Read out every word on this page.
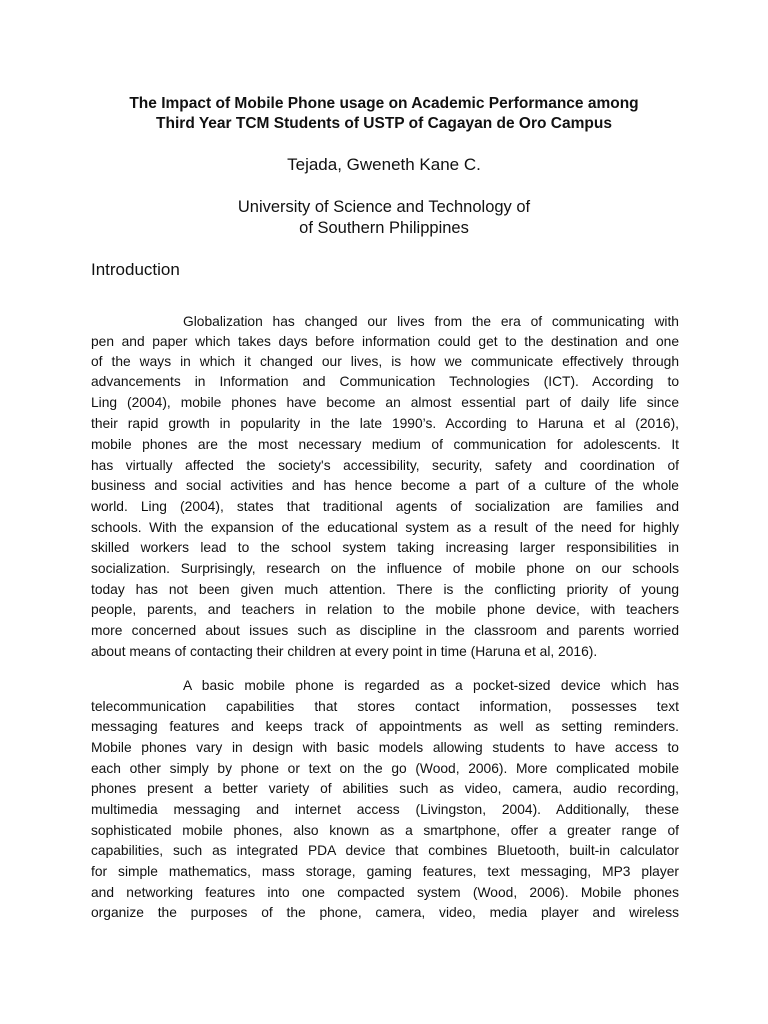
The Impact of Mobile Phone usage on Academic Performance among
Third Year TCM Students of USTP of Cagayan de Oro Campus
Tejada, Gweneth Kane C.
University of Science and Technology of
of Southern Philippines
Introduction
Globalization has changed our lives from the era of communicating with
pen and paper which takes days before information could get to the destination and one
of the ways in which it changed our lives, is how we communicate effectively through
advancements in Information and Communication Technologies (ICT). According to
Ling (2004), mobile phones have become an almost essential part of daily life since
their rapid growth in popularity in the late 1990’s. According to Haruna et al (2016),
mobile phones are the most necessary medium of communication for adolescents. It
has virtually affected the society's accessibility, security, safety and coordination of
business and social activities and has hence become a part of a culture of the whole
world. Ling (2004), states that traditional agents of socialization are families and
schools. With the expansion of the educational system as a result of the need for highly
skilled workers lead to the school system taking increasing larger responsibilities in
socialization. Surprisingly, research on the influence of mobile phone on our schools
today has not been given much attention. There is the conflicting priority of young
people, parents, and teachers in relation to the mobile phone device, with teachers
more concerned about issues such as discipline in the classroom and parents worried
about means of contacting their children at every point in time (Haruna et al, 2016).
A basic mobile phone is regarded as a pocket-sized device which has
telecommunication capabilities that stores contact information, possesses text
messaging features and keeps track of appointments as well as setting reminders.
Mobile phones vary in design with basic models allowing students to have access to
each other simply by phone or text on the go (Wood, 2006). More complicated mobile
phones present a better variety of abilities such as video, camera, audio recording,
multimedia messaging and internet access (Livingston, 2004). Additionally, these
sophisticated mobile phones, also known as a smartphone, offer a greater range of
capabilities, such as integrated PDA device that combines Bluetooth, built-in calculator
for simple mathematics, mass storage, gaming features, text messaging, MP3 player
and networking features into one compacted system (Wood, 2006). Mobile phones
organize the purposes of the phone, camera, video, media player and wireless
